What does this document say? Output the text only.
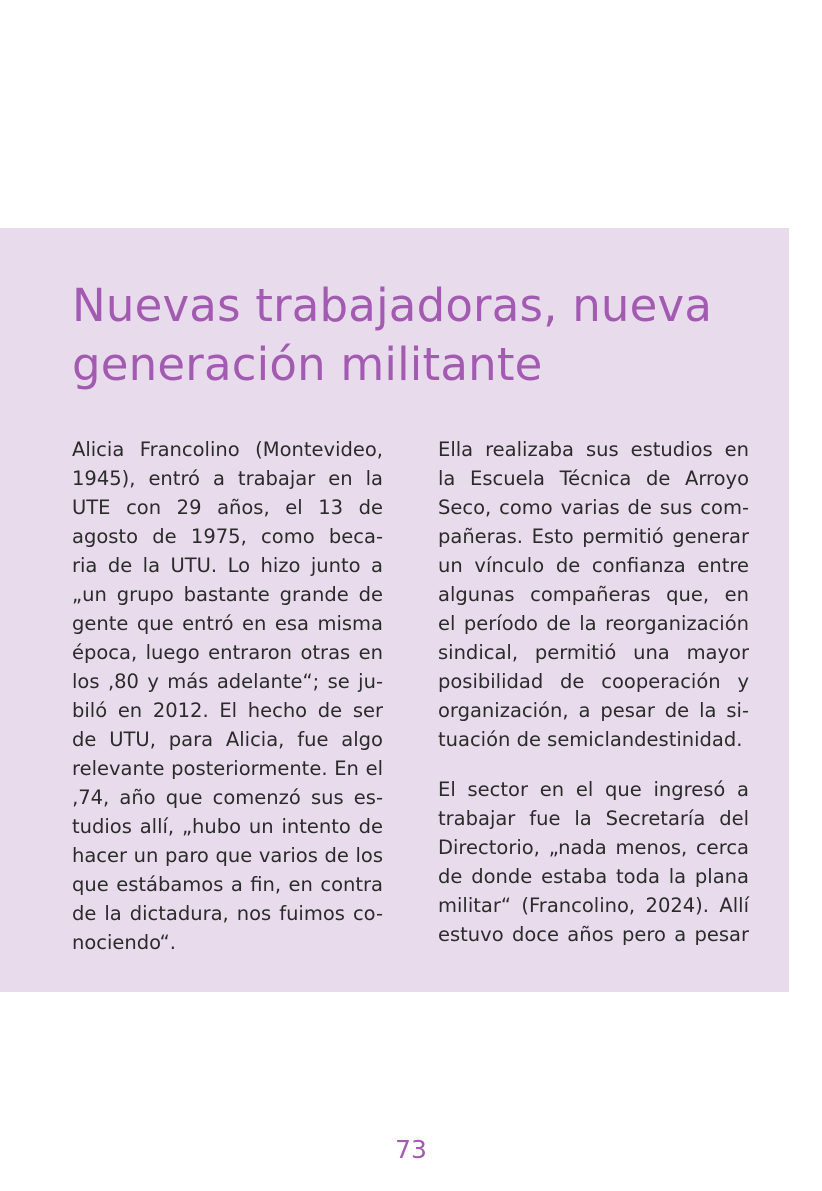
Nuevas trabajadoras, nueva
generación militante
Alicia Francolino (Montevideo,
1945), entró a trabajar en la
UTE con 29 años, el 13 de
agosto de 1975, como beca-
ria de la UTU. Lo hizo junto a
„un grupo bastante grande de
gente que entró en esa misma
época, luego entraron otras en
los ‚80 y más adelante“; se ju-
biló en 2012. El hecho de ser
de UTU, para Alicia, fue algo
relevante posteriormente. En el
‚74, año que comenzó sus es-
tudios allí, „hubo un intento de
hacer un paro que varios de los
que estábamos a fin, en contra
de la dictadura, nos fuimos co-
nociendo“.
Ella realizaba sus estudios en
la Escuela Técnica de Arroyo
Seco, como varias de sus com-
pañeras. Esto permitió generar
un vínculo de confianza entre
algunas compañeras que, en
el período de la reorganización
sindical, permitió una mayor
posibilidad de cooperación y
organización, a pesar de la si-
tuación de semiclandestinidad.
El sector en el que ingresó a
trabajar fue la Secretaría del
Directorio, „nada menos, cerca
de donde estaba toda la plana
militar“ (Francolino, 2024). Allí
estuvo doce años pero a pesar
73
